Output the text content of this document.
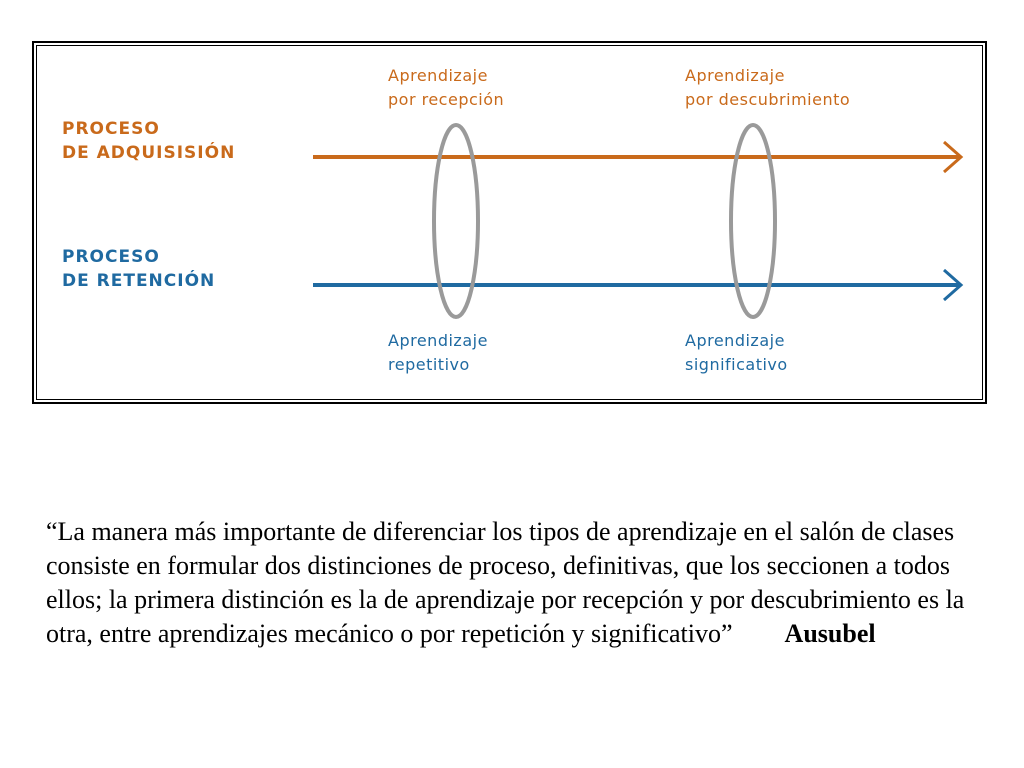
PROCESO
DE ADQUISISIÓN
PROCESO
DE RETENCIÓN
Aprendizaje
por recepción
Aprendizaje
por descubrimiento
Aprendizaje
repetitivo
Aprendizaje
significativo
“La manera más importante de diferenciar los tipos de aprendizaje en el salón de clases consiste en formular dos distinciones de proceso, definitivas, que los seccionen a todos ellos; la primera distinción es la de aprendizaje por recepción y por descubrimiento es la otra, entre aprendizajes mecánico o por repetición y significativo” Ausubel
